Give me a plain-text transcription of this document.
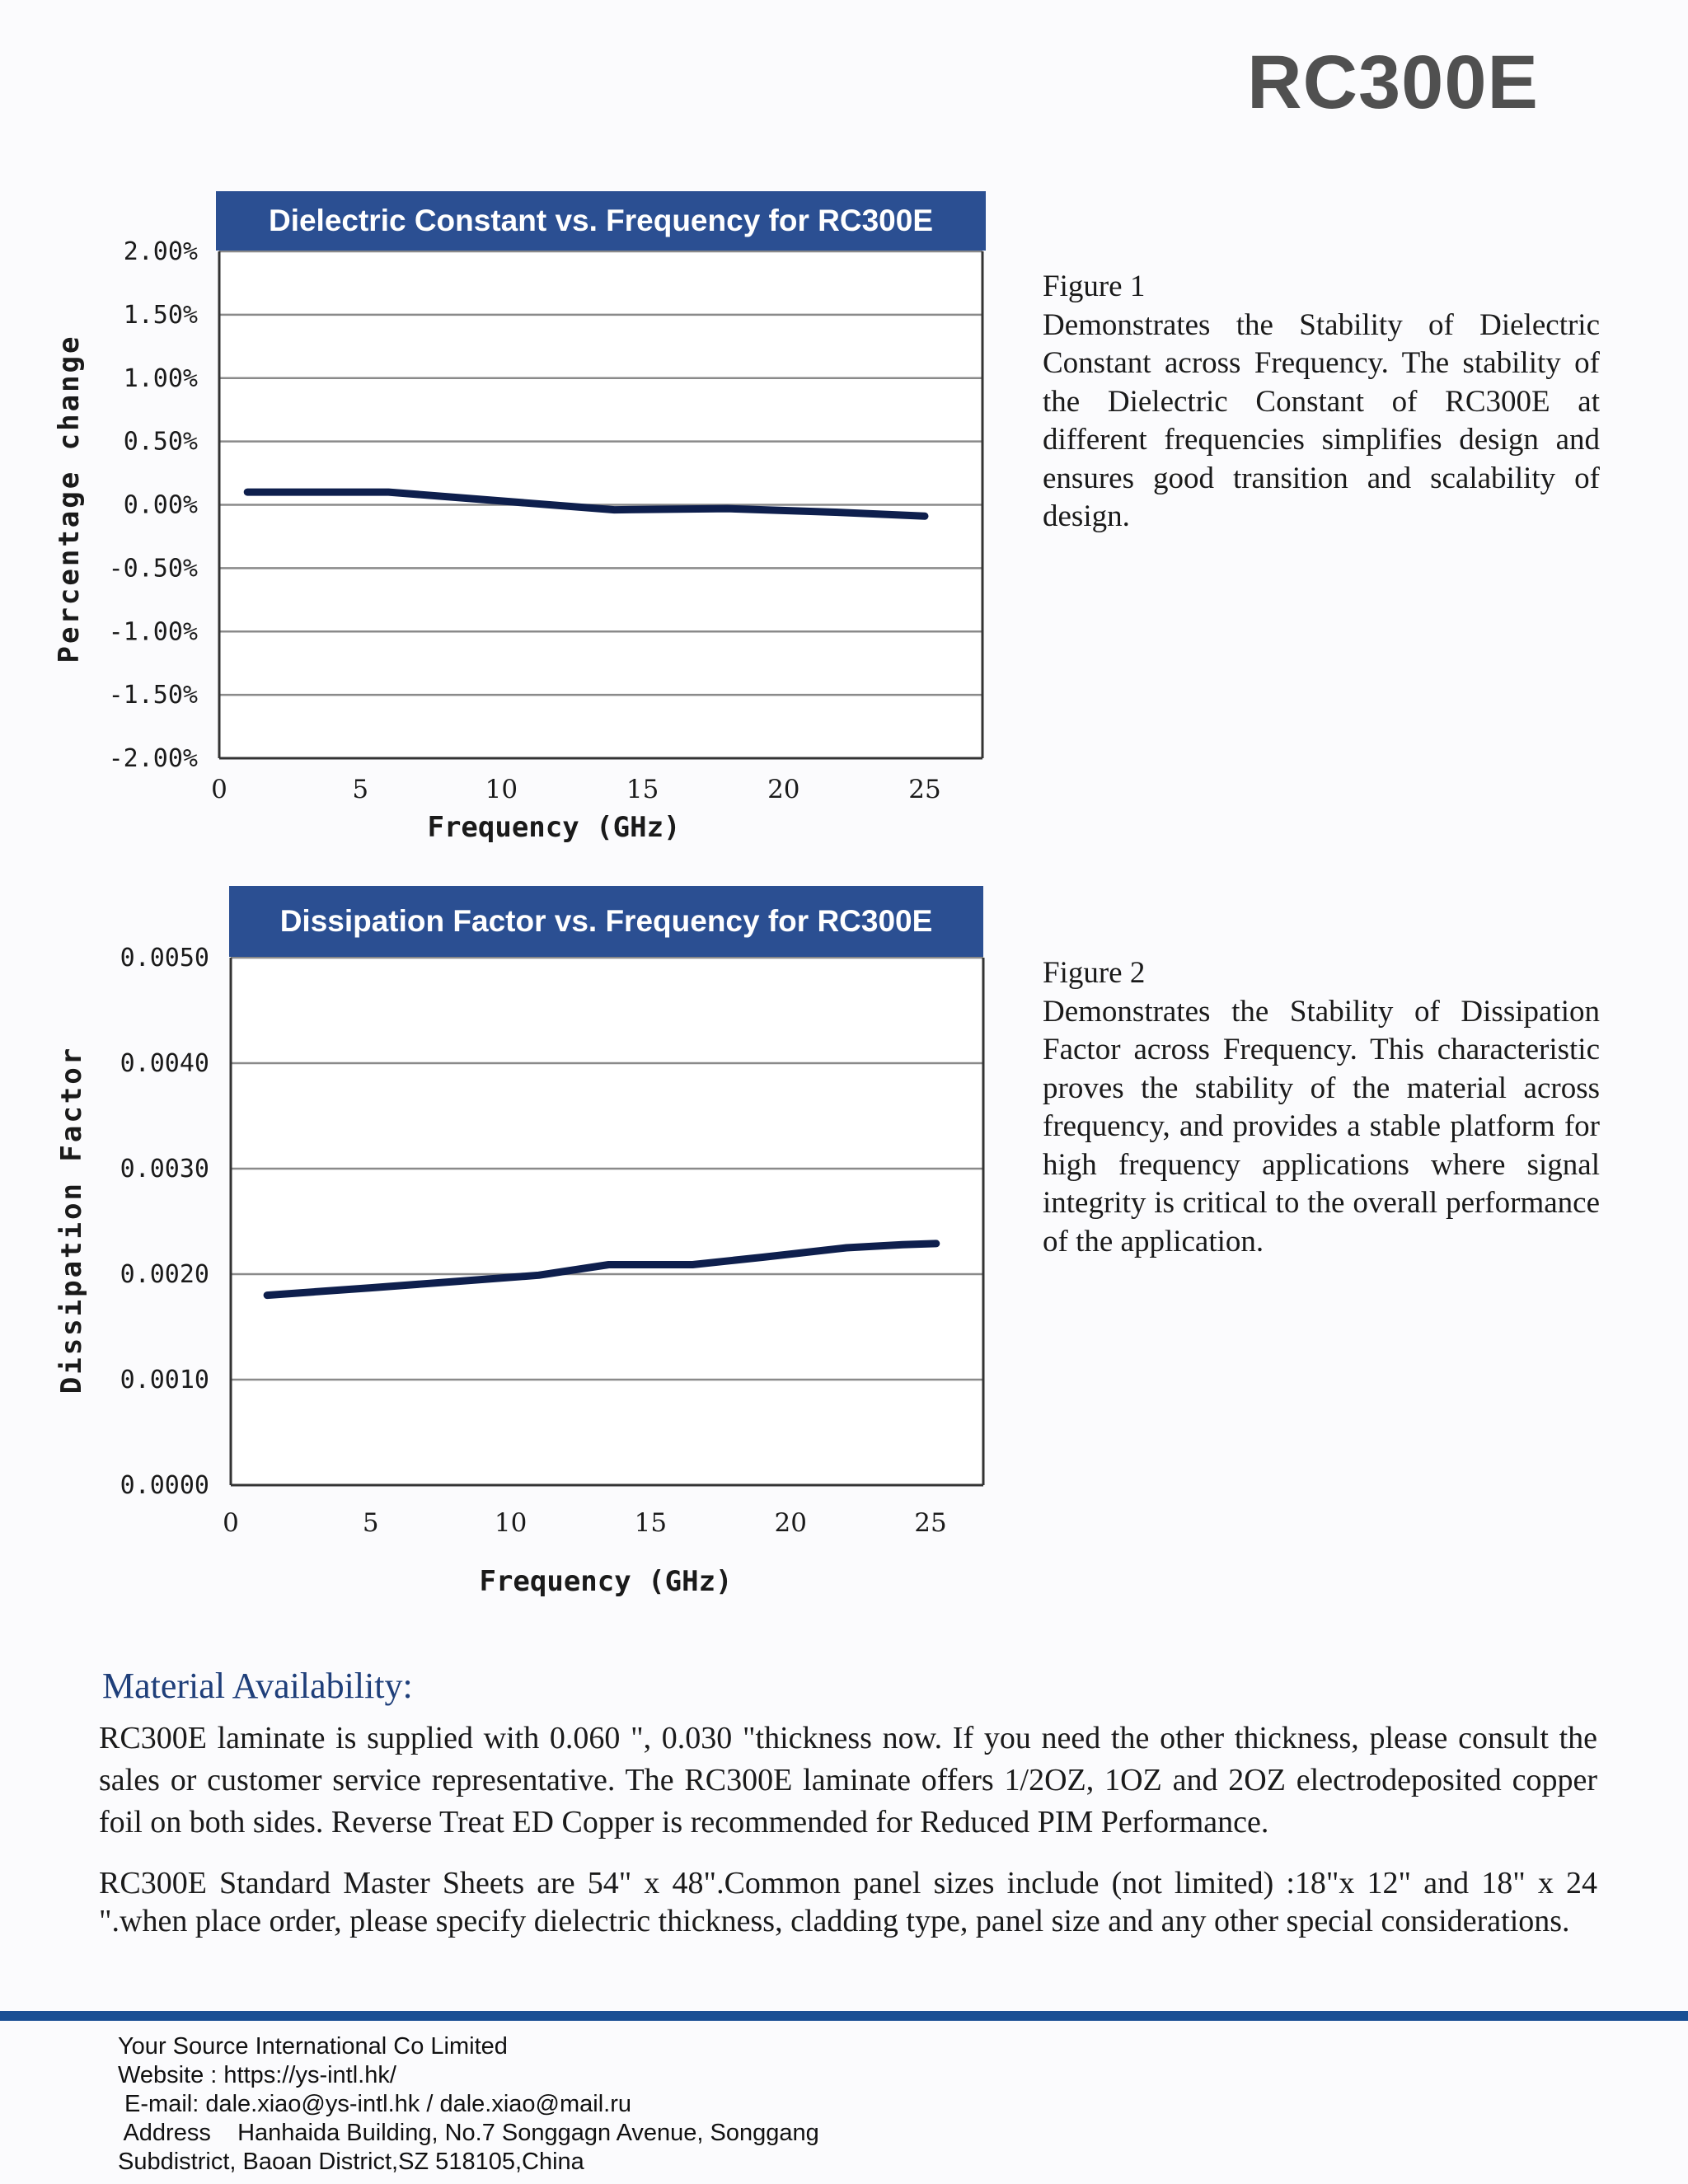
RC300E
2.00%
1.50%
1.00%
0.50%
0.00%
-0.50%
-1.00%
-1.50%
-2.00%
0	5	10	15	20	25
Frequency (GHz)
Percentage change
Dielectric Constant vs. Frequency for RC300E
0.0050
0.0040
0.0030
0.0020
0.0010
0.0000
0	5	10	15	20	25
Frequency (GHz)
Dissipation Factor
Dissipation Factor vs. Frequency for RC300E

Figure 1

Demonstrates the Stability of Dielectric Constant across Frequency. The stability of the Dielectric Constant of RC300E at different frequencies simplifies design and ensures good transition and scalability of design.

Figure 2

Demonstrates the Stability of Dissipation Factor across Frequency. This characteristic proves the stability of the material across frequency, and provides a stable platform for high frequency applications where signal integrity is critical to the overall performance of the application.

Material Availability:

RC300E laminate is supplied with 0.060 ", 0.030 "thickness now. If you need the other thickness, please consult the sales or customer service representative. The RC300E laminate offers 1/2OZ, 1OZ and 2OZ electrodeposited copper foil on both sides. Reverse Treat ED Copper is recommended for Reduced PIM Performance.

RC300E Standard Master Sheets are 54" x 48".Common panel sizes include (not limited) :18"x 12" and 18" x 24 ".when place order, please specify dielectric thickness, cladding type, panel size and any other special considerations.

Your Source International Co Limited
Website : https://ys-intl.hk/
E-mail: dale.xiao@ys-intl.hk / dale.xiao@mail.ru
Address    Hanhaida Building, No.7 Songgagn Avenue, Songgang
Subdistrict, Baoan District,SZ 518105,China
